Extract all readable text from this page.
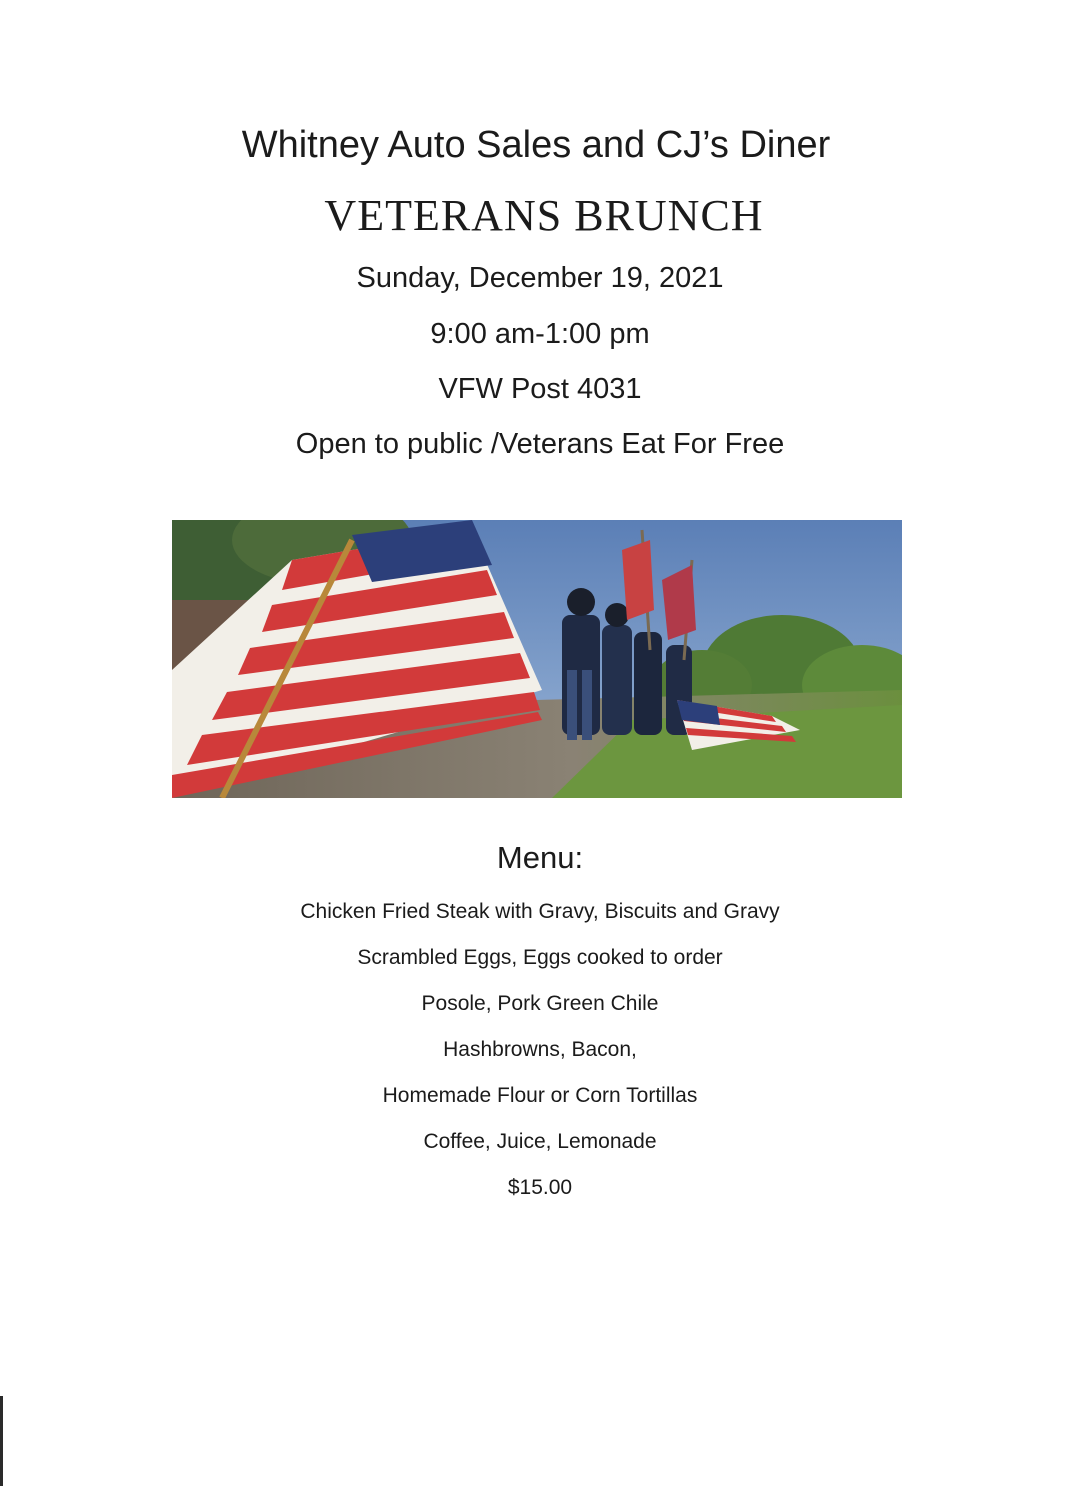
Whitney Auto Sales and CJ’s Diner
VETERANS BRUNCH
Sunday, December 19, 2021
9:00 am-1:00 pm
VFW Post 4031
Open to public /Veterans Eat For Free
Menu:
Chicken Fried Steak with Gravy, Biscuits and Gravy
Scrambled Eggs, Eggs cooked to order
Posole, Pork Green Chile
Hashbrowns, Bacon,
Homemade Flour or Corn Tortillas
Coffee, Juice, Lemonade
$15.00
